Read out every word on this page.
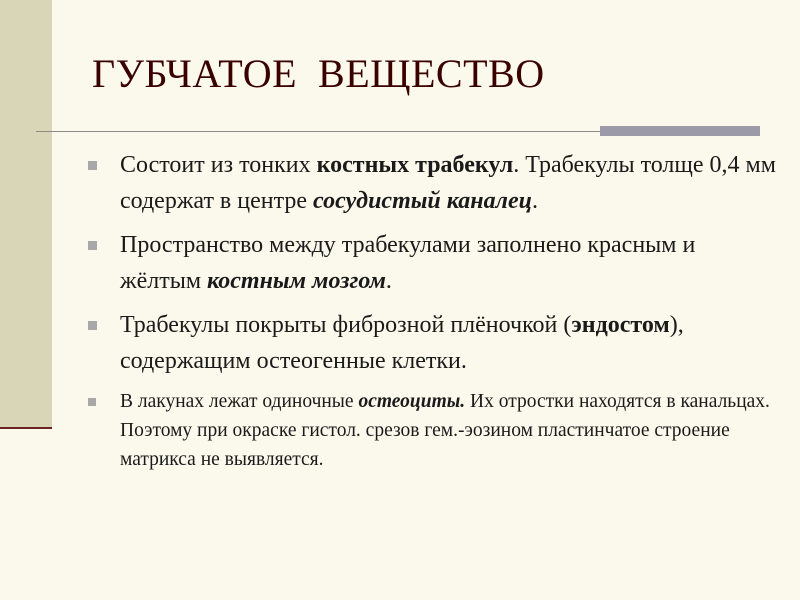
ГУБЧАТОЕ  ВЕЩЕСТВО
Состоит из тонких костных трабекул. Трабекулы толще 0,4 мм содержат в центре сосудистый каналец.
Пространство между трабекулами заполнено красным и жёлтым костным мозгом.
Трабекулы покрыты фиброзной плёночкой (эндостом), содержащим остеогенные клетки.
В лакунах лежат одиночные остеоциты. Их отростки находятся в канальцах. Поэтому при окраске гистол. срезов гем.-эозином пластинчатое строение матрикса не выявляется.
